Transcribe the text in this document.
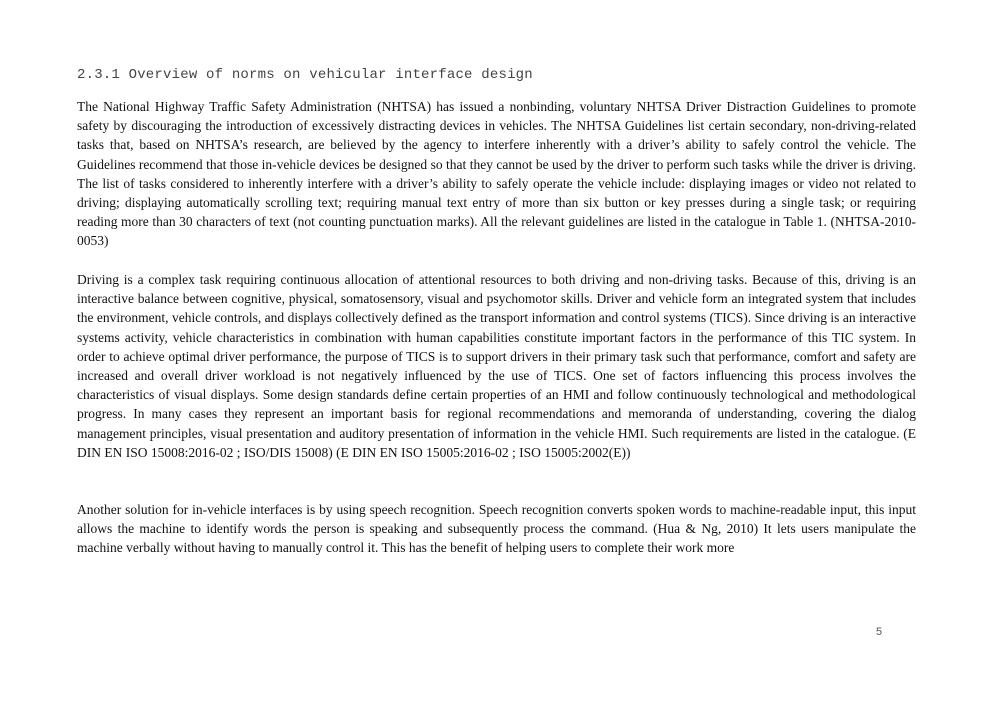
2.3.1 Overview of norms on vehicular interface design

The National Highway Traffic Safety Administration (NHTSA) has issued a nonbinding, voluntary NHTSA Driver Distraction Guidelines to promote safety by discouraging the introduction of excessively distracting devices in vehicles. The NHTSA Guidelines list certain secondary, non-driving-related tasks that, based on NHTSA’s research, are believed by the agency to interfere inherently with a driver’s ability to safely control the vehicle. The Guidelines recommend that those in-vehicle devices be designed so that they cannot be used by the driver to perform such tasks while the driver is driving. The list of tasks considered to inherently interfere with a driver’s ability to safely operate the vehicle include: displaying images or video not related to driving; displaying automatically scrolling text; requiring manual text entry of more than six button or key presses during a single task; or requiring reading more than 30 characters of text (not counting punctuation marks). All the relevant guidelines are listed in the catalogue in Table 1. (NHTSA-2010-0053)

Driving is a complex task requiring continuous allocation of attentional resources to both driving and non-driving tasks. Because of this, driving is an interactive balance between cognitive, physical, somatosensory, visual and psychomotor skills. Driver and vehicle form an integrated system that includes the environment, vehicle controls, and displays collectively defined as the transport information and control systems (TICS). Since driving is an interactive systems activity, vehicle characteristics in combination with human capabilities constitute important factors in the performance of this TIC system. In order to achieve optimal driver performance, the purpose of TICS is to support drivers in their primary task such that performance, comfort and safety are increased and overall driver workload is not negatively influenced by the use of TICS. One set of factors influencing this process involves the characteristics of visual displays. Some design standards define certain properties of an HMI and follow continuously technological and methodological progress. In many cases they represent an important basis for regional recommendations and memoranda of understanding, covering the dialog management principles, visual presentation and auditory presentation of information in the vehicle HMI. Such requirements are listed in the catalogue. (E DIN EN ISO 15008:2016-02 ; ISO/DIS 15008) (E DIN EN ISO 15005:2016-02 ; ISO 15005:2002(E))

Another solution for in-vehicle interfaces is by using speech recognition. Speech recognition converts spoken words to machine-readable input, this input allows the machine to identify words the person is speaking and subsequently process the command. (Hua & Ng, 2010) It lets users manipulate the machine verbally without having to manually control it. This has the benefit of helping users to complete their work more

5
